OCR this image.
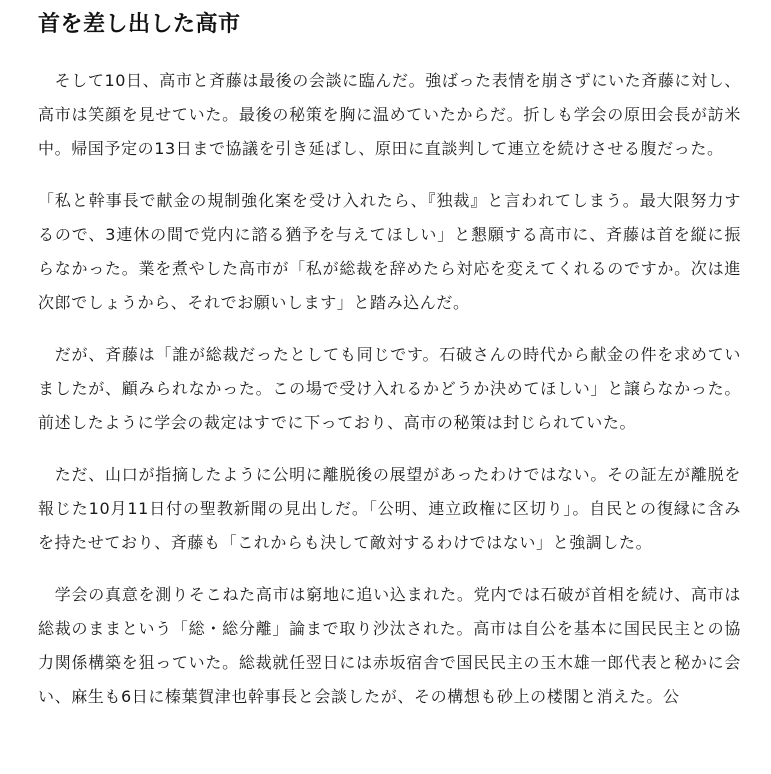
首を差し出した高市

　そして10日、高市と斉藤は最後の会談に臨んだ。強ばった表情を崩さずにいた斉藤に対し、高市は笑顔を見せていた。最後の秘策を胸に温めていたからだ。折しも学会の原田会長が訪米中。帰国予定の13日まで協議を引き延ばし、原田に直談判して連立を続けさせる腹だった。

「私と幹事長で献金の規制強化案を受け入れたら、『独裁』と言われてしまう。最大限努力するので、3連休の間で党内に諮る猶予を与えてほしい」と懇願する高市に、斉藤は首を縦に振らなかった。業を煮やした高市が「私が総裁を辞めたら対応を変えてくれるのですか。次は進次郎でしょうから、それでお願いします」と踏み込んだ。

　だが、斉藤は「誰が総裁だったとしても同じです。石破さんの時代から献金の件を求めていましたが、顧みられなかった。この場で受け入れるかどうか決めてほしい」と譲らなかった。前述したように学会の裁定はすでに下っており、高市の秘策は封じられていた。

　ただ、山口が指摘したように公明に離脱後の展望があったわけではない。その証左が離脱を報じた10月11日付の聖教新聞の見出しだ。「公明、連立政権に区切り」。自民との復縁に含みを持たせており、斉藤も「これからも決して敵対するわけではない」と強調した。

　学会の真意を測りそこねた高市は窮地に追い込まれた。党内では石破が首相を続け、高市は総裁のままという「総・総分離」論まで取り沙汰された。高市は自公を基本に国民民主との協力関係構築を狙っていた。総裁就任翌日には赤坂宿舎で国民民主の玉木雄一郎代表と秘かに会い、麻生も6日に榛葉賀津也幹事長と会談したが、その構想も砂上の楼閣と消えた。公
